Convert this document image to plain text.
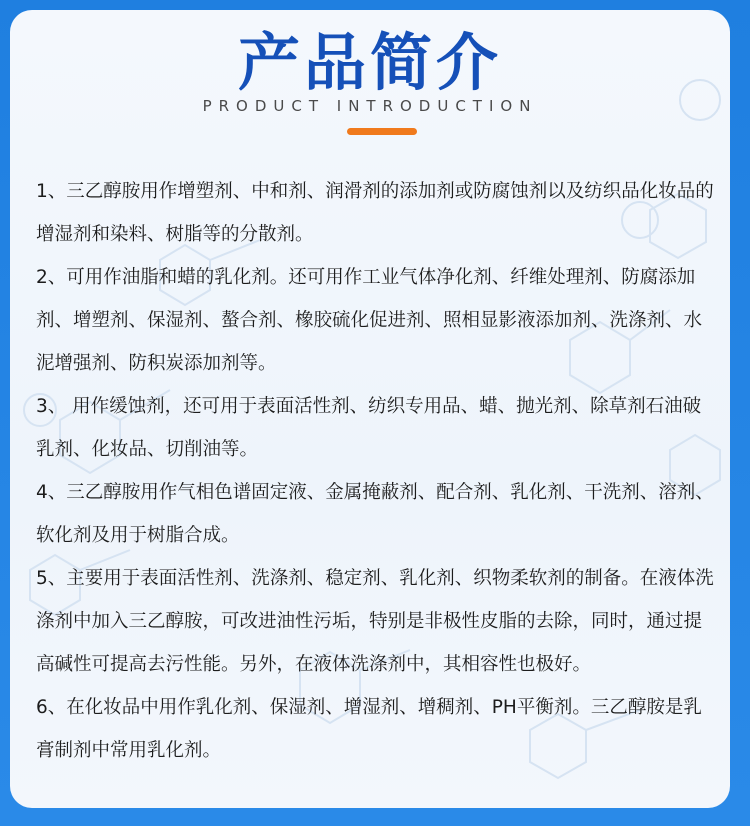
产品简介
PRODUCT INTRODUCTION

1、三乙醇胺用作增塑剂、中和剂、润滑剂的添加剂或防腐蚀剂以及纺织品化妆品的增湿剂和染料、树脂等的分散剂。

2、可用作油脂和蜡的乳化剂。还可用作工业气体净化剂、纤维处理剂、防腐添加剂、增塑剂、保湿剂、螯合剂、橡胶硫化促进剂、照相显影液添加剂、洗涤剂、水泥增强剂、防积炭添加剂等。

3、 用作缓蚀剂，还可用于表面活性剂、纺织专用品、蜡、抛光剂、除草剂石油破乳剂、化妆品、切削油等。

4、三乙醇胺用作气相色谱固定液、金属掩蔽剂、配合剂、乳化剂、干洗剂、溶剂、软化剂及用于树脂合成。

5、主要用于表面活性剂、洗涤剂、稳定剂、乳化剂、织物柔软剂的制备。在液体洗涤剂中加入三乙醇胺，可改进油性污垢，特别是非极性皮脂的去除，同时，通过提高碱性可提高去污性能。另外，在液体洗涤剂中，其相容性也极好。

6、在化妆品中用作乳化剂、保湿剂、增湿剂、增稠剂、PH平衡剂。三乙醇胺是乳膏制剂中常用乳化剂。
